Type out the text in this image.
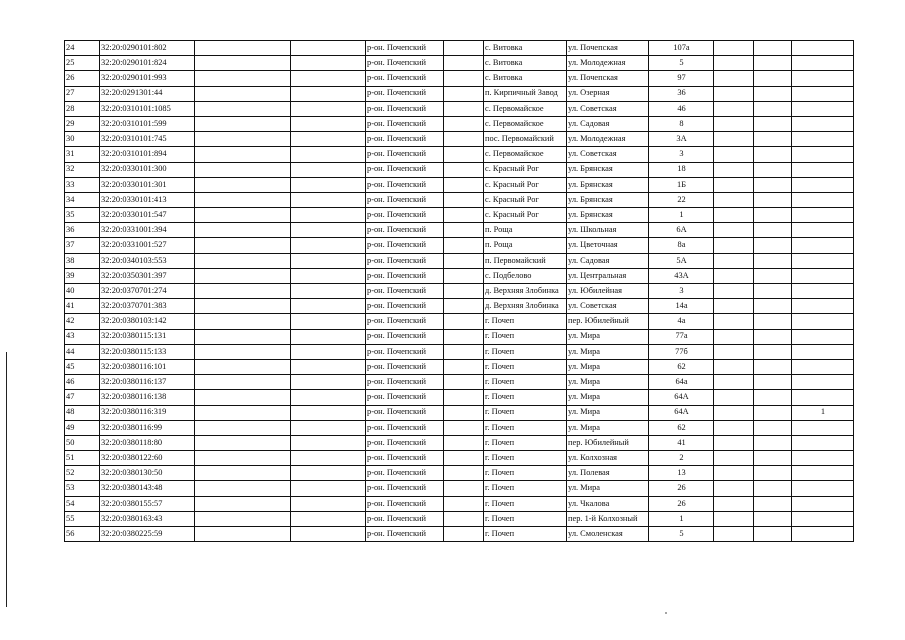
24	32:20:0290101:802			р-он. Почепский		с. Витовка	ул. Почепская	107а			
25	32:20:0290101:824			р-он. Почепский		с. Витовка	ул. Молодежная	5			
26	32:20:0290101:993			р-он. Почепский		с. Витовка	ул. Почепская	97			
27	32:20:0291301:44			р-он. Почепский		п. Кирпичный Завод	ул. Озерная	36			
28	32:20:0310101:1085			р-он. Почепский		с. Первомайское	ул. Советская	46			
29	32:20:0310101:599			р-он. Почепский		с. Первомайское	ул. Садовая	8			
30	32:20:0310101:745			р-он. Почепский		пос. Первомайский	ул. Молодежная	3А			
31	32:20:0310101:894			р-он. Почепский		с. Первомайское	ул. Советская	3			
32	32:20:0330101:300			р-он. Почепский		с. Красный Рог	ул. Брянская	18			
33	32:20:0330101:301			р-он. Почепский		с. Красный Рог	ул. Брянская	1Б			
34	32:20:0330101:413			р-он. Почепский		с. Красный Рог	ул. Брянская	22			
35	32:20:0330101:547			р-он. Почепский		с. Красный Рог	ул. Брянская	1			
36	32:20:0331001:394			р-он. Почепский		п. Роща	ул. Школьная	6А			
37	32:20:0331001:527			р-он. Почепский		п. Роща	ул. Цветочная	8а			
38	32:20:0340103:553			р-он. Почепский		п. Первомайский	ул. Садовая	5А			
39	32:20:0350301:397			р-он. Почепский		с. Подбелово	ул. Центральная	43А			
40	32:20:0370701:274			р-он. Почепский		д. Верхняя Злобинка	ул. Юбилейная	3			
41	32:20:0370701:383			р-он. Почепский		д. Верхняя Злобинка	ул. Советская	14а			
42	32:20:0380103:142			р-он. Почепский		г. Почеп	пер. Юбилейный	4а			
43	32:20:0380115:131			р-он. Почепский		г. Почеп	ул. Мира	77а			
44	32:20:0380115:133			р-он. Почепский		г. Почеп	ул. Мира	77б			
45	32:20:0380116:101			р-он. Почепский		г. Почеп	ул. Мира	62			
46	32:20:0380116:137			р-он. Почепский		г. Почеп	ул. Мира	64а			
47	32:20:0380116:138			р-он. Почепский		г. Почеп	ул. Мира	64А			
48	32:20:0380116:319			р-он. Почепский		г. Почеп	ул. Мира	64А			1
49	32:20:0380116:99			р-он. Почепский		г. Почеп	ул. Мира	62			
50	32:20:0380118:80			р-он. Почепский		г. Почеп	пер. Юбилейный	41			
51	32:20:0380122:60			р-он. Почепский		г. Почеп	ул. Колхозная	2			
52	32:20:0380130:50			р-он. Почепский		г. Почеп	ул. Полевая	13			
53	32:20:0380143:48			р-он. Почепский		г. Почеп	ул. Мира	26			
54	32:20:0380155:57			р-он. Почепский		г. Почеп	ул. Чкалова	26			
55	32:20:0380163:43			р-он. Почепский		г. Почеп	пер. 1-й Колхозный	1			
56	32:20:0380225:59			р-он. Почепский		г. Почеп	ул. Смоленская	5			
